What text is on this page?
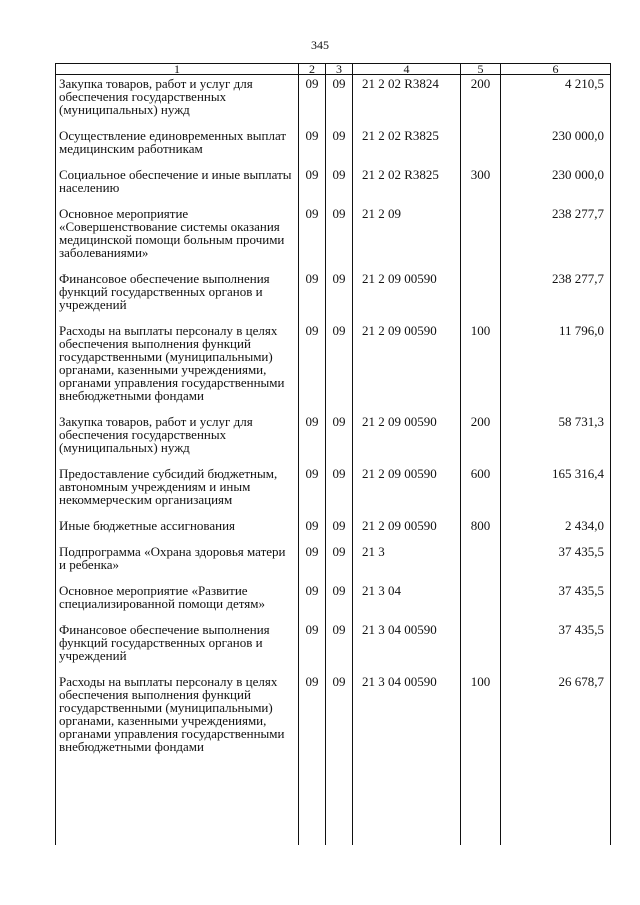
345
1	2	3	4	5	6
Закупка товаров, работ и услуг для обеспечения государственных (муниципальных) нужд	09	09	21 2 02 R3824	200	4 210,5
Осуществление единовременных выплат медицинским работникам	09	09	21 2 02 R3825		230 000,0
Социальное обеспечение и иные выплаты населению	09	09	21 2 02 R3825	300	230 000,0
Основное мероприятие «Совершенствование системы оказания медицинской помощи больным прочими заболеваниями»	09	09	21 2 09		238 277,7
Финансовое обеспечение выполнения функций государственных органов и учреждений	09	09	21 2 09 00590		238 277,7
Расходы на выплаты персоналу в целях обеспечения выполнения функций государственными (муниципальными) органами, казенными учреждениями, органами управления государственными внебюджетными фондами	09	09	21 2 09 00590	100	11 796,0
Закупка товаров, работ и услуг для обеспечения государственных (муниципальных) нужд	09	09	21 2 09 00590	200	58 731,3
Предоставление субсидий бюджетным, автономным учреждениям и иным некоммерческим организациям	09	09	21 2 09 00590	600	165 316,4
Иные бюджетные ассигнования	09	09	21 2 09 00590	800	2 434,0
Подпрограмма «Охрана здоровья матери и ребенка»	09	09	21 3		37 435,5
Основное мероприятие «Развитие специализированной помощи детям»	09	09	21 3 04		37 435,5
Финансовое обеспечение выполнения функций государственных органов и учреждений	09	09	21 3 04 00590		37 435,5
Расходы на выплаты персоналу в целях обеспечения выполнения функций государственными (муниципальными) органами, казенными учреждениями, органами управления государственными внебюджетными фондами	09	09	21 3 04 00590	100	26 678,7
